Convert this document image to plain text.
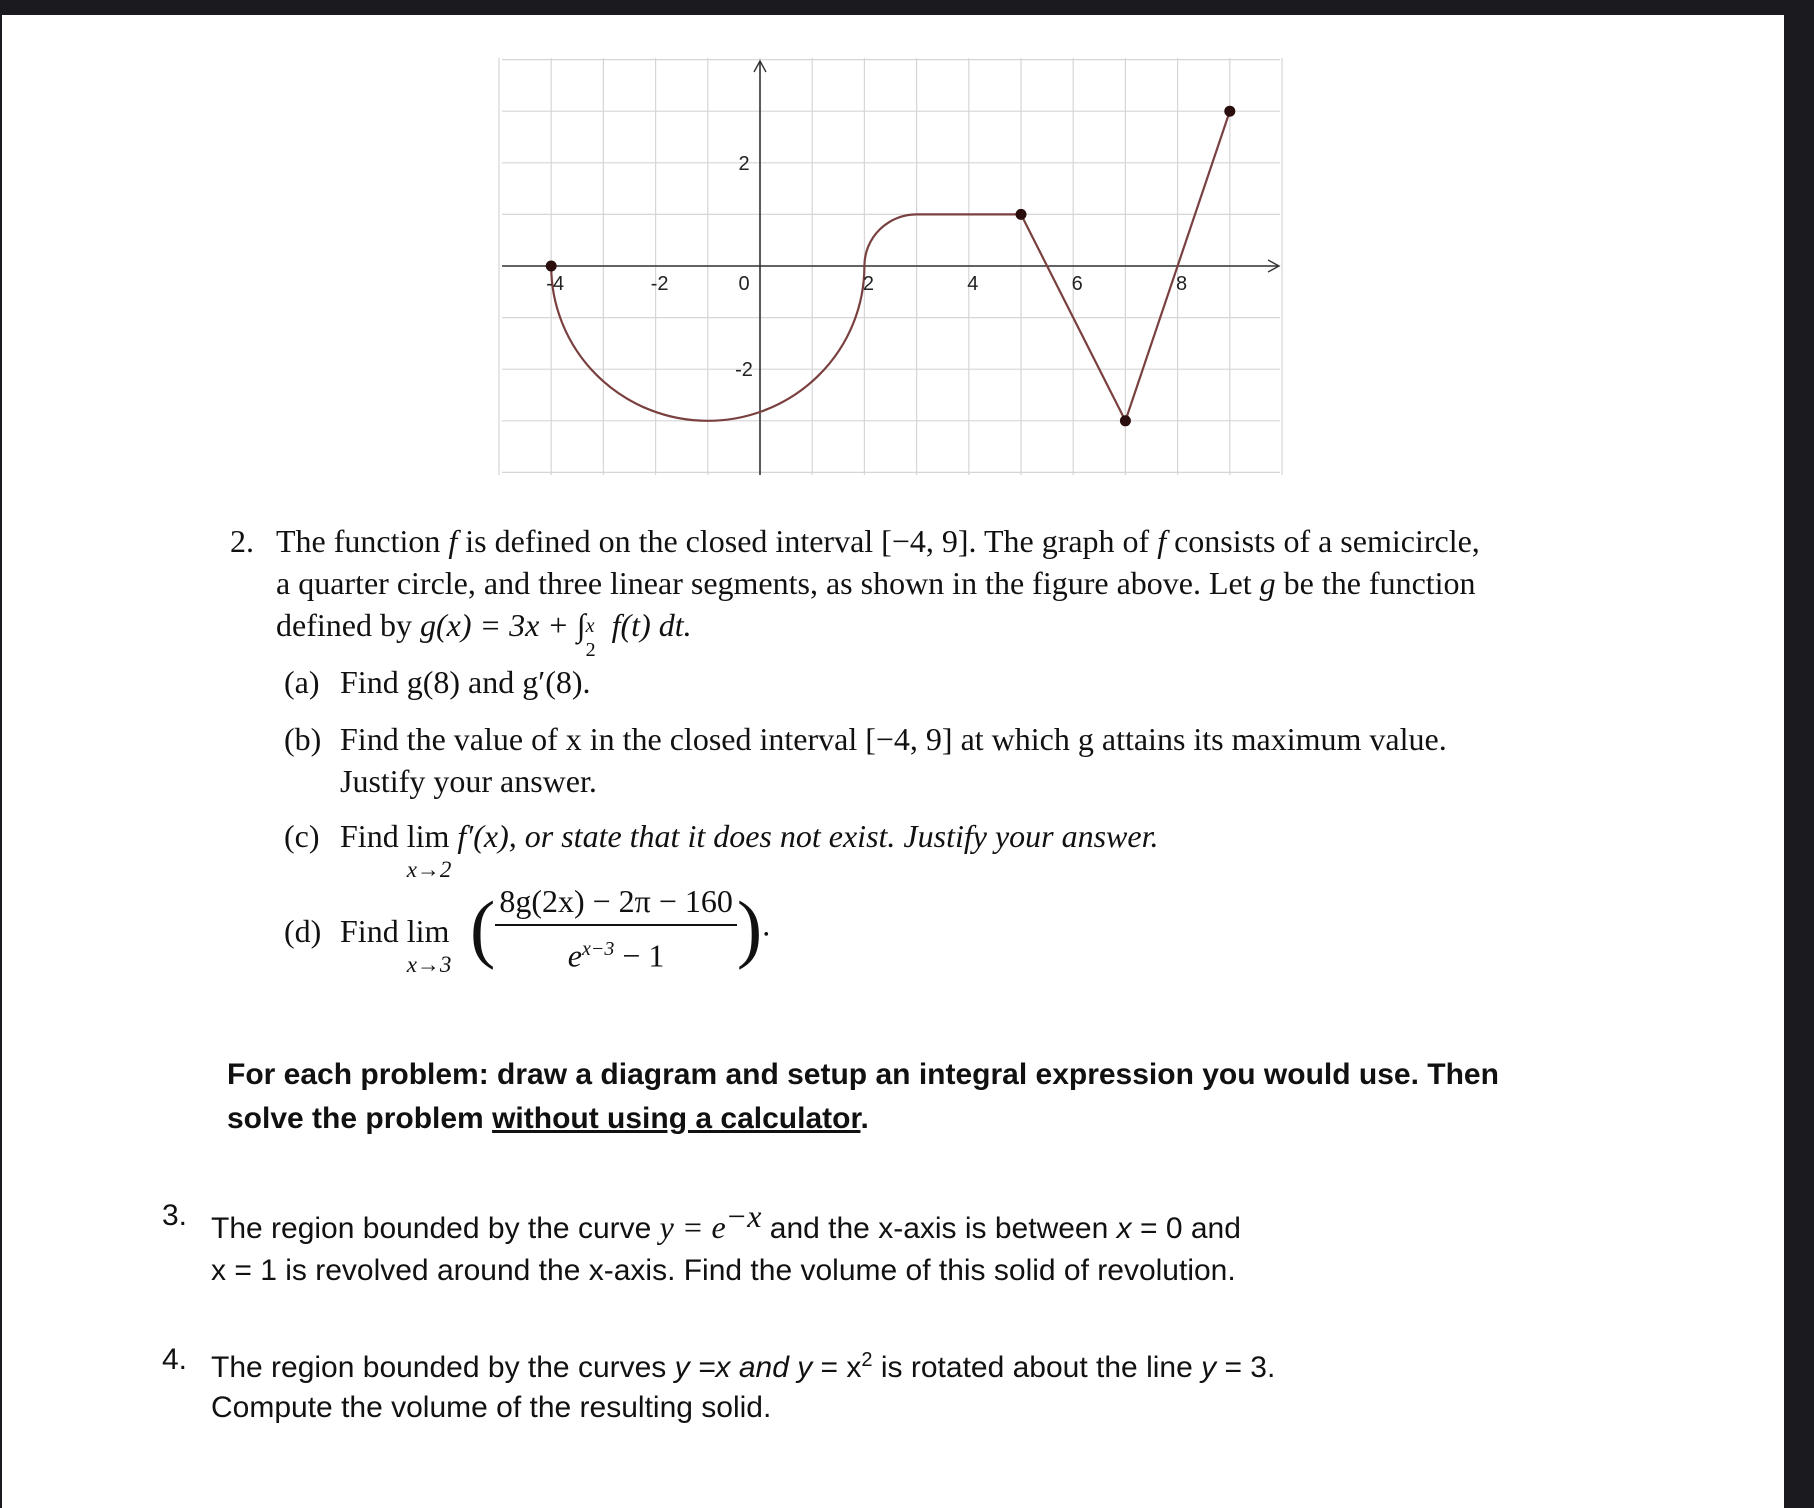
-4	-2	0	2	4	6	8
2
-2
2. The function f is defined on the closed interval [−4, 9]. The graph of f consists of a semicircle,
a quarter circle, and three linear segments, as shown in the figure above. Let g be the function
defined by g(x) = 3x + ∫ x
2
f(t) dt.
(a) Find g(8) and g′(8).
(b) Find the value of x in the closed interval [−4, 9] at which g attains its maximum value.
Justify your answer.
(c) Find lim
x→2
f′(x), or state that it does not exist. Justify your answer.
(d) Find lim
x→3 ( $\frac{8g(2x) - 2\pi - 160}{e^{x-3} - 1}$ ).
For each problem: draw a diagram and setup an integral expression you would use. Then
solve the problem without using a calculator.
3. The region bounded by the curve $y = e^{-x}$ and the x-axis is between x = 0 and
x = 1 is revolved around the x-axis. Find the volume of this solid of revolution.
4. The region bounded by the curves y =x and $y = x^2$ is rotated about the line y = 3.
Compute the volume of the resulting solid.
